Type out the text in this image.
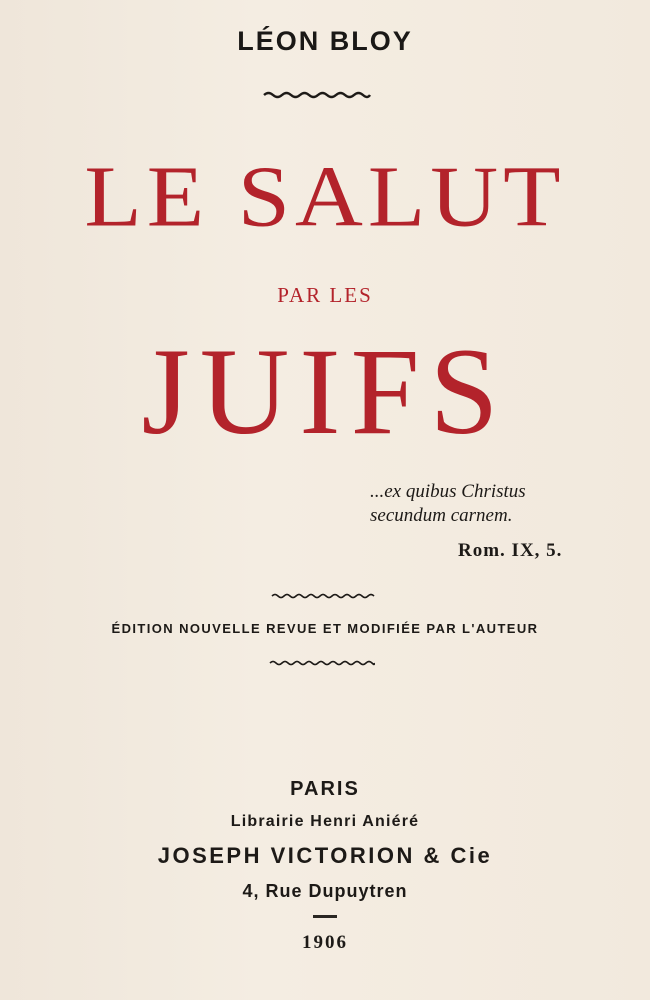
LÉON BLOY
LE SALUT
PAR LES
JUIFS
...ex quibus Christus
secundum carnem.
Rom. IX, 5.
ÉDITION NOUVELLE REVUE ET MODIFIÉE PAR L'AUTEUR
PARIS
Librairie Henri Aniéré
JOSEPH VICTORION & Cie
4, Rue Dupuytren
1906
